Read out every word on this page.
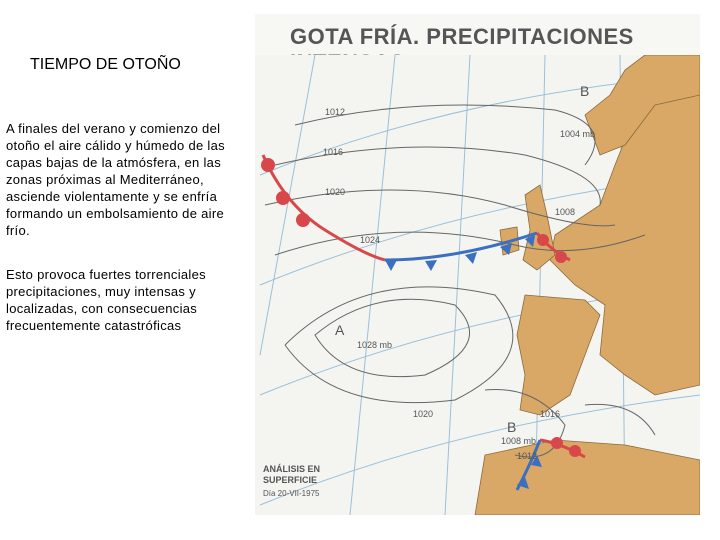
TIEMPO DE OTOÑO
A finales del verano y comienzo del otoño el aire cálido y húmedo de las capas bajas de la atmósfera, en las zonas próximas al Mediterráneo, asciende violentamente y se enfría formando un embolsamiento de aire frío.
Esto provoca fuertes torrenciales precipitaciones, muy intensas y localizadas, con consecuencias frecuentemente catastróficas
GOTA FRÍA. PRECIPITACIONES
B
1004 mb
1012
1016
1020
1024
1008
A
1028 mb
1020	1016
B
1008 mb
1012
ANÁLISIS EN
SUPERFICIE
Día 20-VII-1975
